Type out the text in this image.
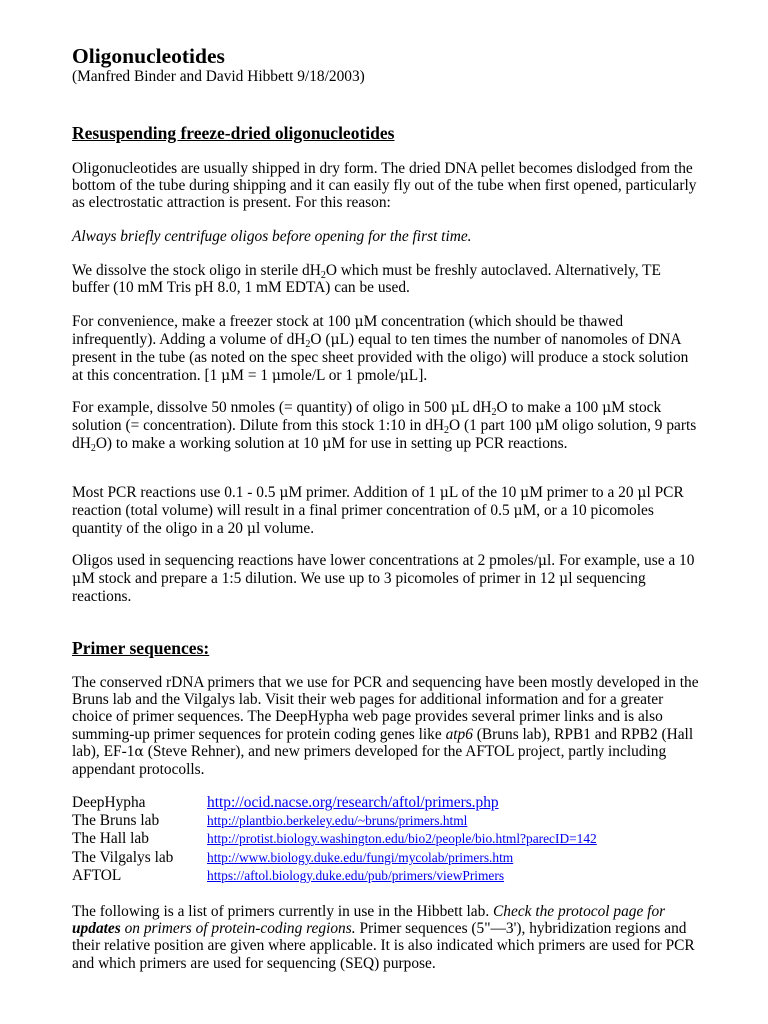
Oligonucleotides
(Manfred Binder and David Hibbett 9/18/2003)
Resuspending freeze-dried oligonucleotides

Oligonucleotides are usually shipped in dry form. The dried DNA pellet becomes dislodged from the bottom of the tube during shipping and it can easily fly out of the tube when first opened, particularly as electrostatic attraction is present. For this reason:

Always briefly centrifuge oligos before opening for the first time.

We dissolve the stock oligo in sterile $dH_2O$ which must be freshly autoclaved. Alternatively, TE buffer (10 mM Tris pH 8.0, 1 mM EDTA) can be used.

For convenience, make a freezer stock at 100 μM concentration (which should be thawed infrequently). Adding a volume of $dH_2O$ (μL) equal to ten times the number of nanomoles of DNA present in the tube (as noted on the spec sheet provided with the oligo) will produce a stock solution at this concentration. [1 μM = 1 μmole/L or 1 pmole/μL].

For example, dissolve 50 nmoles (= quantity) of oligo in 500 μL $dH_2O$ to make a 100 μM stock solution (= concentration). Dilute from this stock 1:10 in $dH_2O$ (1 part 100 μM oligo solution, 9 parts $dH_2O$) to make a working solution at 10 μM for use in setting up PCR reactions.

Most PCR reactions use 0.1 - 0.5 μM primer. Addition of 1 μL of the 10 μM primer to a 20 μl PCR reaction (total volume) will result in a final primer concentration of 0.5 μM, or a 10 picomoles quantity of the oligo in a 20 μl volume.

Oligos used in sequencing reactions have lower concentrations at 2 pmoles/μl. For example, use a 10 μM stock and prepare a 1:5 dilution. We use up to 3 picomoles of primer in 12 μl sequencing reactions.

Primer sequences:

The conserved rDNA primers that we use for PCR and sequencing have been mostly developed in the Bruns lab and the Vilgalys lab. Visit their web pages for additional information and for a greater choice of primer sequences. The DeepHypha web page provides several primer links and is also summing-up primer sequences for protein coding genes like atp6 (Bruns lab), RPB1 and RPB2 (Hall lab), EF-1α (Steve Rehner), and new primers developed for the AFTOL project, partly including appendant protocolls.

DeepHypha	http://ocid.nacse.org/research/aftol/primers.php
The Bruns lab	http://plantbio.berkeley.edu/~bruns/primers.html
The Hall lab	http://protist.biology.washington.edu/bio2/people/bio.html?parecID=142
The Vilgalys lab	http://www.biology.duke.edu/fungi/mycolab/primers.htm
AFTOL	https://aftol.biology.duke.edu/pub/primers/viewPrimers

The following is a list of primers currently in use in the Hibbett lab. Check the protocol page for updates on primers of protein-coding regions. Primer sequences (5"—3'), hybridization regions and their relative position are given where applicable. It is also indicated which primers are used for PCR and which primers are used for sequencing (SEQ) purpose.
